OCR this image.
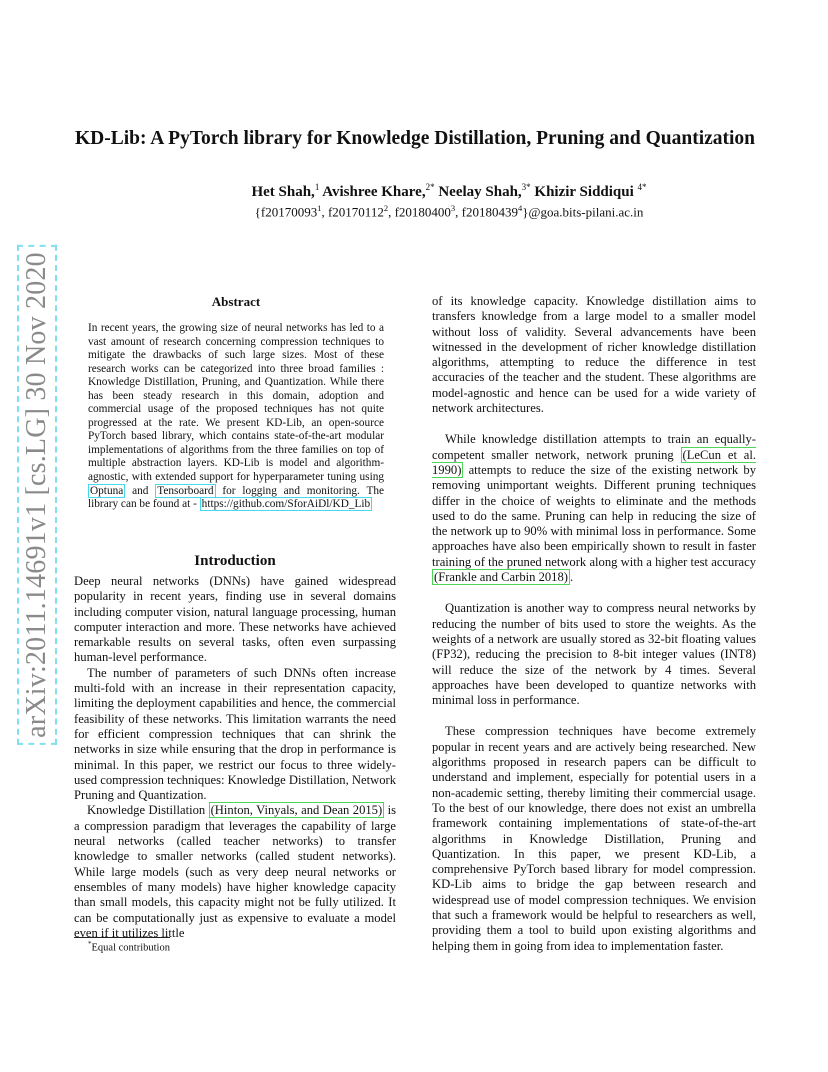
arXiv:2011.14691v1 [cs.LG] 30 Nov 2020
KD-Lib: A PyTorch library for Knowledge Distillation, Pruning and Quantization
Het Shah,$^1$ Avishree Khare,$^{2*}$ Neelay Shah,$^{3*}$ Khizir Siddiqui $^{4*}$
{f20170093$^1$, f20170112$^2$, f20180400$^3$, f20180439$^4$}@goa.bits-pilani.ac.in
Abstract

In recent years, the growing size of neural networks has led to a vast amount of research concerning compression techniques to mitigate the drawbacks of such large sizes. Most of these research works can be categorized into three broad families : Knowledge Distillation, Pruning, and Quantization. While there has been steady research in this domain, adoption and commercial usage of the proposed techniques has not quite progressed at the rate. We present KD-Lib, an open-source PyTorch based library, which contains state-of-the-art modular implementations of algorithms from the three families on top of multiple abstraction layers. KD-Lib is model and algorithm-agnostic, with extended support for hyperparameter tuning using Optuna and Tensorboard for logging and monitoring. The library can be found at - https://github.com/SforAiDl/KD_Lib

Introduction

Deep neural networks (DNNs) have gained widespread popularity in recent years, finding use in several domains including computer vision, natural language processing, human computer interaction and more. These networks have achieved remarkable results on several tasks, often even surpassing human-level performance.

The number of parameters of such DNNs often increase multi-fold with an increase in their representation capacity, limiting the deployment capabilities and hence, the commercial feasibility of these networks. This limitation warrants the need for efficient compression techniques that can shrink the networks in size while ensuring that the drop in performance is minimal. In this paper, we restrict our focus to three widely-used compression techniques: Knowledge Distillation, Network Pruning and Quantization.

Knowledge Distillation (Hinton, Vinyals, and Dean 2015) is a compression paradigm that leverages the capability of large neural networks (called teacher networks) to transfer knowledge to smaller networks (called student networks). While large models (such as very deep neural networks or ensembles of many models) have higher knowledge capacity than small models, this capacity might not be fully utilized. It can be computationally just as expensive to evaluate a model even if it utilizes little

of its knowledge capacity. Knowledge distillation aims to transfers knowledge from a large model to a smaller model without loss of validity. Several advancements have been witnessed in the development of richer knowledge distillation algorithms, attempting to reduce the difference in test accuracies of the teacher and the student. These algorithms are model-agnostic and hence can be used for a wide variety of network architectures.

While knowledge distillation attempts to train an equally-competent smaller network, network pruning (LeCun et al. 1990) attempts to reduce the size of the existing network by removing unimportant weights. Different pruning techniques differ in the choice of weights to eliminate and the methods used to do the same. Pruning can help in reducing the size of the network up to 90% with minimal loss in performance. Some approaches have also been empirically shown to result in faster training of the pruned network along with a higher test accuracy (Frankle and Carbin 2018) .

Quantization is another way to compress neural networks by reducing the number of bits used to store the weights. As the weights of a network are usually stored as 32-bit floating values (FP32), reducing the precision to 8-bit integer values (INT8) will reduce the size of the network by 4 times. Several approaches have been developed to quantize networks with minimal loss in performance.

These compression techniques have become extremely popular in recent years and are actively being researched. New algorithms proposed in research papers can be difficult to understand and implement, especially for potential users in a non-academic setting, thereby limiting their commercial usage. To the best of our knowledge, there does not exist an umbrella framework containing implementations of state-of-the-art algorithms in Knowledge Distillation, Pruning and Quantization. In this paper, we present KD-Lib, a comprehensive PyTorch based library for model compression. KD-Lib aims to bridge the gap between research and widespread use of model compression techniques. We envision that such a framework would be helpful to researchers as well, providing them a tool to build upon existing algorithms and helping them in going from idea to implementation faster.

*Equal contribution
